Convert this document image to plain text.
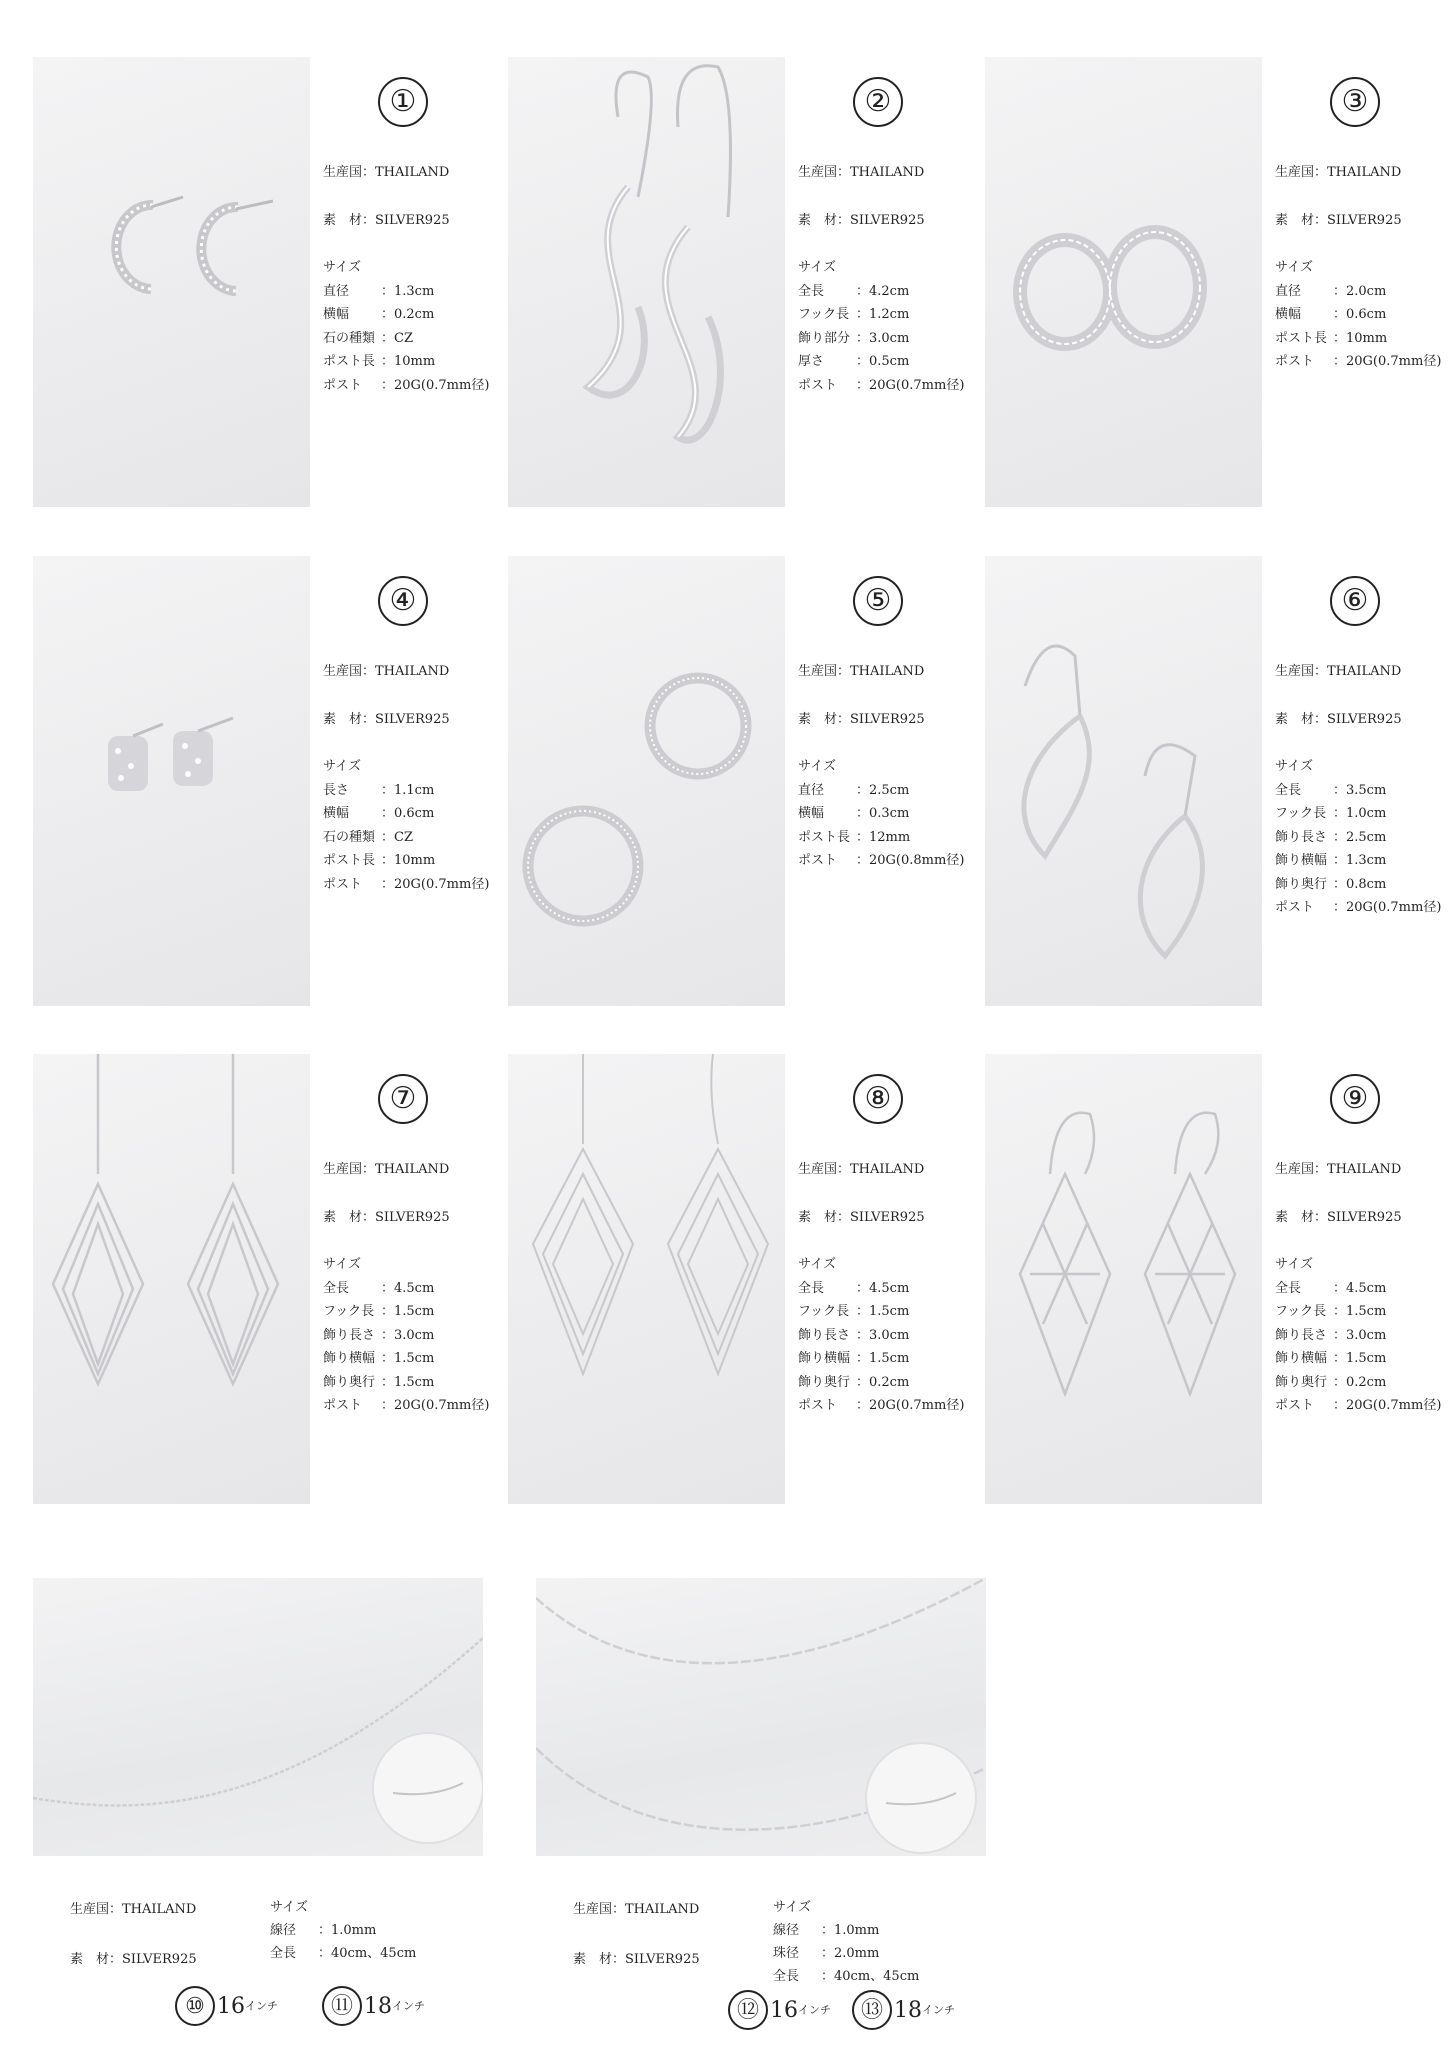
①
生産国：THAILAND
素　材：SILVER925
サイズ
直径 ：1.3cm
横幅 ：0.2cm
石の種類 ：CZ
ポスト長 ：10mm
ポスト ：20G(0.7mm径)
②
生産国：THAILAND
素　材：SILVER925
サイズ
全長 ：4.2cm
フック長 ：1.2cm
飾り部分 ：3.0cm
厚さ ：0.5cm
ポスト ：20G(0.7mm径)
③
生産国：THAILAND
素　材：SILVER925
サイズ
直径 ：2.0cm
横幅 ：0.6cm
ポスト長 ：10mm
ポスト ：20G(0.7mm径)
④
生産国：THAILAND
素　材：SILVER925
サイズ
長さ ：1.1cm
横幅 ：0.6cm
石の種類 ：CZ
ポスト長 ：10mm
ポスト ：20G(0.7mm径)
⑤
生産国：THAILAND
素　材：SILVER925
サイズ
直径 ：2.5cm
横幅 ：0.3cm
ポスト長 ：12mm
ポスト ：20G(0.8mm径)
⑥
生産国：THAILAND
素　材：SILVER925
サイズ
全長 ：3.5cm
フック長 ：1.0cm
飾り長さ ：2.5cm
飾り横幅 ：1.3cm
飾り奥行 ：0.8cm
ポスト ：20G(0.7mm径)
⑦
生産国：THAILAND
素　材：SILVER925
サイズ
全長 ：4.5cm
フック長 ：1.5cm
飾り長さ ：3.0cm
飾り横幅 ：1.5cm
飾り奥行 ：1.5cm
ポスト ：20G(0.7mm径)
⑧
生産国：THAILAND
素　材：SILVER925
サイズ
全長 ：4.5cm
フック長 ：1.5cm
飾り長さ ：3.0cm
飾り横幅 ：1.5cm
飾り奥行 ：0.2cm
ポスト ：20G(0.7mm径)
⑨
生産国：THAILAND
素　材：SILVER925
サイズ
全長 ：4.5cm
フック長 ：1.5cm
飾り長さ ：3.0cm
飾り横幅 ：1.5cm
飾り奥行 ：0.2cm
ポスト ：20G(0.7mm径)
生産国：THAILAND
素　材：SILVER925
サイズ
線径 ：1.0mm
全長 ：40cm、45cm
⑩ 16インチ	⑪ 18インチ
生産国：THAILAND
素　材：SILVER925
サイズ
線径 ：1.0mm
珠径 ：2.0mm
全長 ：40cm、45cm
⑫ 16インチ	⑬ 18インチ
